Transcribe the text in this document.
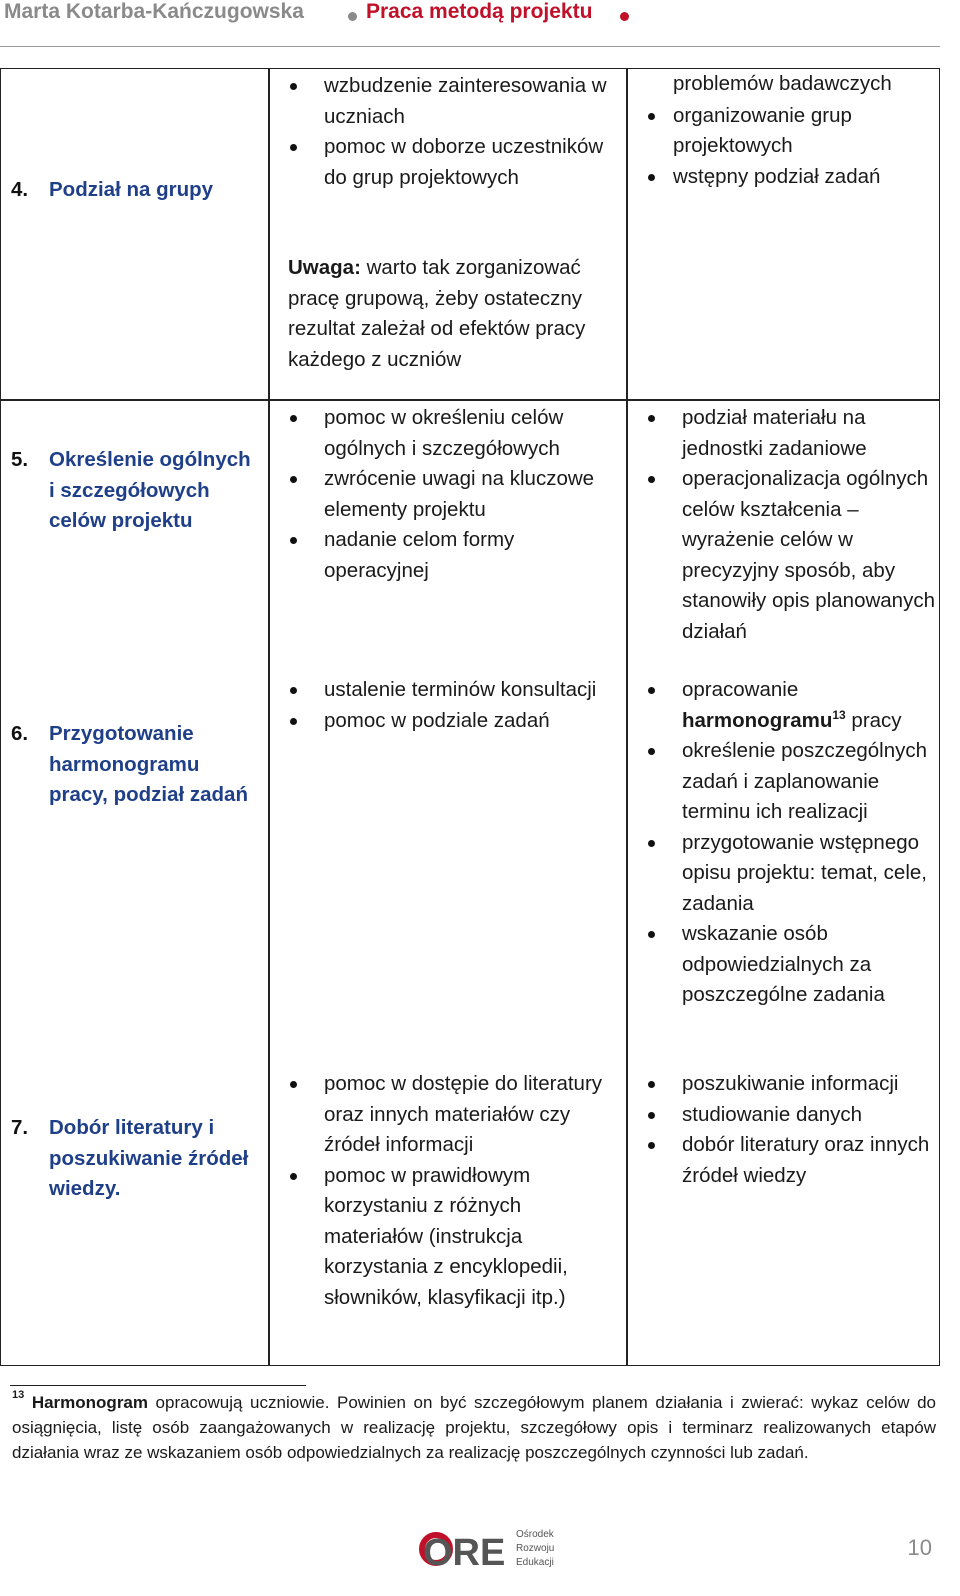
Marta Kotarba-Kańczugowska	Praca metodą projektu
4. Podział na grupy
wzbudzenie zainteresowania w uczniach
pomoc w doborze uczestników do grup projektowych
Uwaga: warto tak zorganizować pracę grupową, żeby ostateczny rezultat zależał od efektów pracy każdego z uczniów
problemów badawczych
organizowanie grup projektowych
wstępny podział zadań
5. Określenie ogólnych i szczegółowych celów projektu
pomoc w określeniu celów ogólnych i szczegółowych
zwrócenie uwagi na kluczowe elementy projektu
nadanie celom formy operacyjnej
podział materiału na jednostki zadaniowe
operacjonalizacja ogólnych celów kształcenia – wyrażenie celów w precyzyjny sposób, aby stanowiły opis planowanych działań
6. Przygotowanie harmonogramu pracy, podział zadań
ustalenie terminów konsultacji
pomoc w podziale zadań
opracowanie harmonogramu$^{13}$ pracy
określenie poszczególnych zadań i zaplanowanie terminu ich realizacji
przygotowanie wstępnego opisu projektu: temat, cele, zadania
wskazanie osób odpowiedzialnych za poszczególne zadania
7. Dobór literatury i poszukiwanie źródeł wiedzy.
pomoc w dostępie do literatury oraz innych materiałów czy źródeł informacji
pomoc w prawidłowym korzystaniu z różnych materiałów (instrukcja korzystania z encyklopedii, słowników, klasyfikacji itp.)
poszukiwanie informacji
studiowanie danych
dobór literatury oraz innych źródeł wiedzy
$^{13}$ Harmonogram opracowują uczniowie. Powinien on być szczegółowym planem działania i zwierać: wykaz celów do osiągnięcia, listę osób zaangażowanych w realizację projektu, szczegółowy opis i terminarz realizowanych etapów działania wraz ze wskazaniem osób odpowiedzialnych za realizację poszczególnych czynności lub zadań.
ORE Ośrodek
Rozwoju
Edukacji
10
